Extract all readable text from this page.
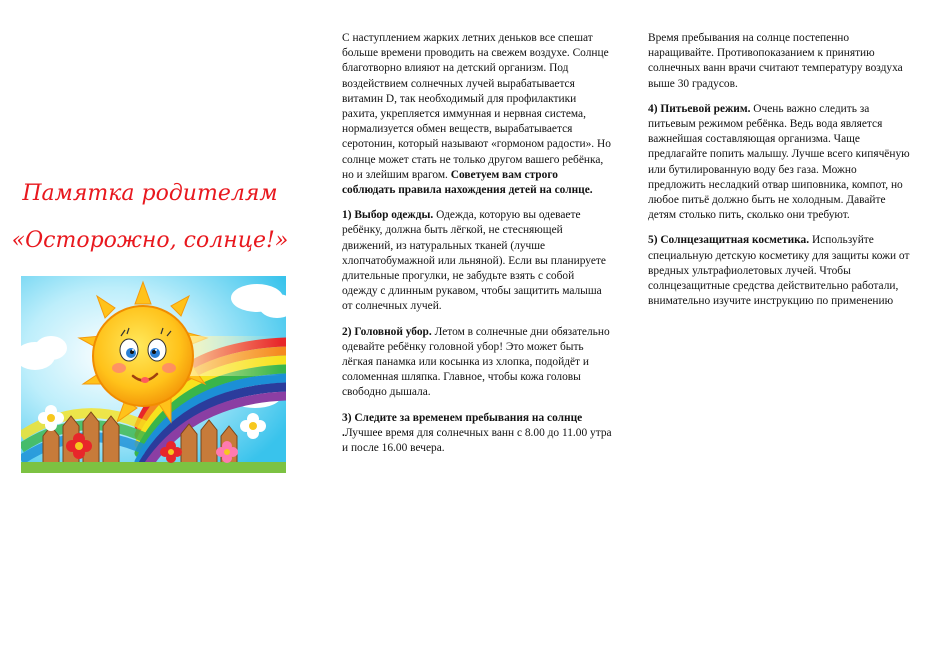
Памятка родителям
«Осторожно, солнце!»

С наступлением жарких летних деньков все спешат больше времени проводить на свежем воздухе. Солнце благотворно влияют на детский организм. Под воздействием солнечных лучей вырабатывается витамин D, так необходимый для профилактики рахита, укрепляется иммунная и нервная система, нормализуется обмен веществ, вырабатывается серотонин, который называют «гормоном радости». Но солнце может стать не только другом вашего ребёнка, но и злейшим врагом. Советуем вам строго соблюдать правила нахождения детей на солнце.

1) Выбор одежды. Одежда, которую вы одеваете ребёнку, должна быть лёгкой, не стесняющей движений, из натуральных тканей (лучше хлопчатобумажной или льняной). Если вы планируете длительные прогулки, не забудьте взять с собой одежду с длинным рукавом, чтобы защитить малыша от солнечных лучей.

2) Головной убор. Летом в солнечные дни обязательно одевайте ребёнку головной убор! Это может быть лёгкая панамка или косынка из хлопка, подойдёт и соломенная шляпка. Главное, чтобы кожа головы свободно дышала.

3) Следите за временем пребывания на солнце .Лучшее время для солнечных ванн с 8.00 до 11.00 утра и после 16.00 вечера.

Время пребывания на солнце постепенно наращивайте. Противопоказанием к принятию солнечных ванн врачи считают температуру воздуха выше 30 градусов.

4) Питьевой режим. Очень важно следить за питьевым режимом ребёнка. Ведь вода является важнейшая составляющая организма. Чаще предлагайте попить малышу. Лучше всего кипячёную или бутилированную воду без газа. Можно предложить несладкий отвар шиповника, компот, но любое питьё должно быть не холодным. Давайте детям столько пить, сколько они требуют.

5) Солнцезащитная косметика. Используйте специальную детскую косметику для защиты кожи от вредных ультрафиолетовых лучей. Чтобы солнцезащитные средства действительно работали, внимательно изучите инструкцию по применению
